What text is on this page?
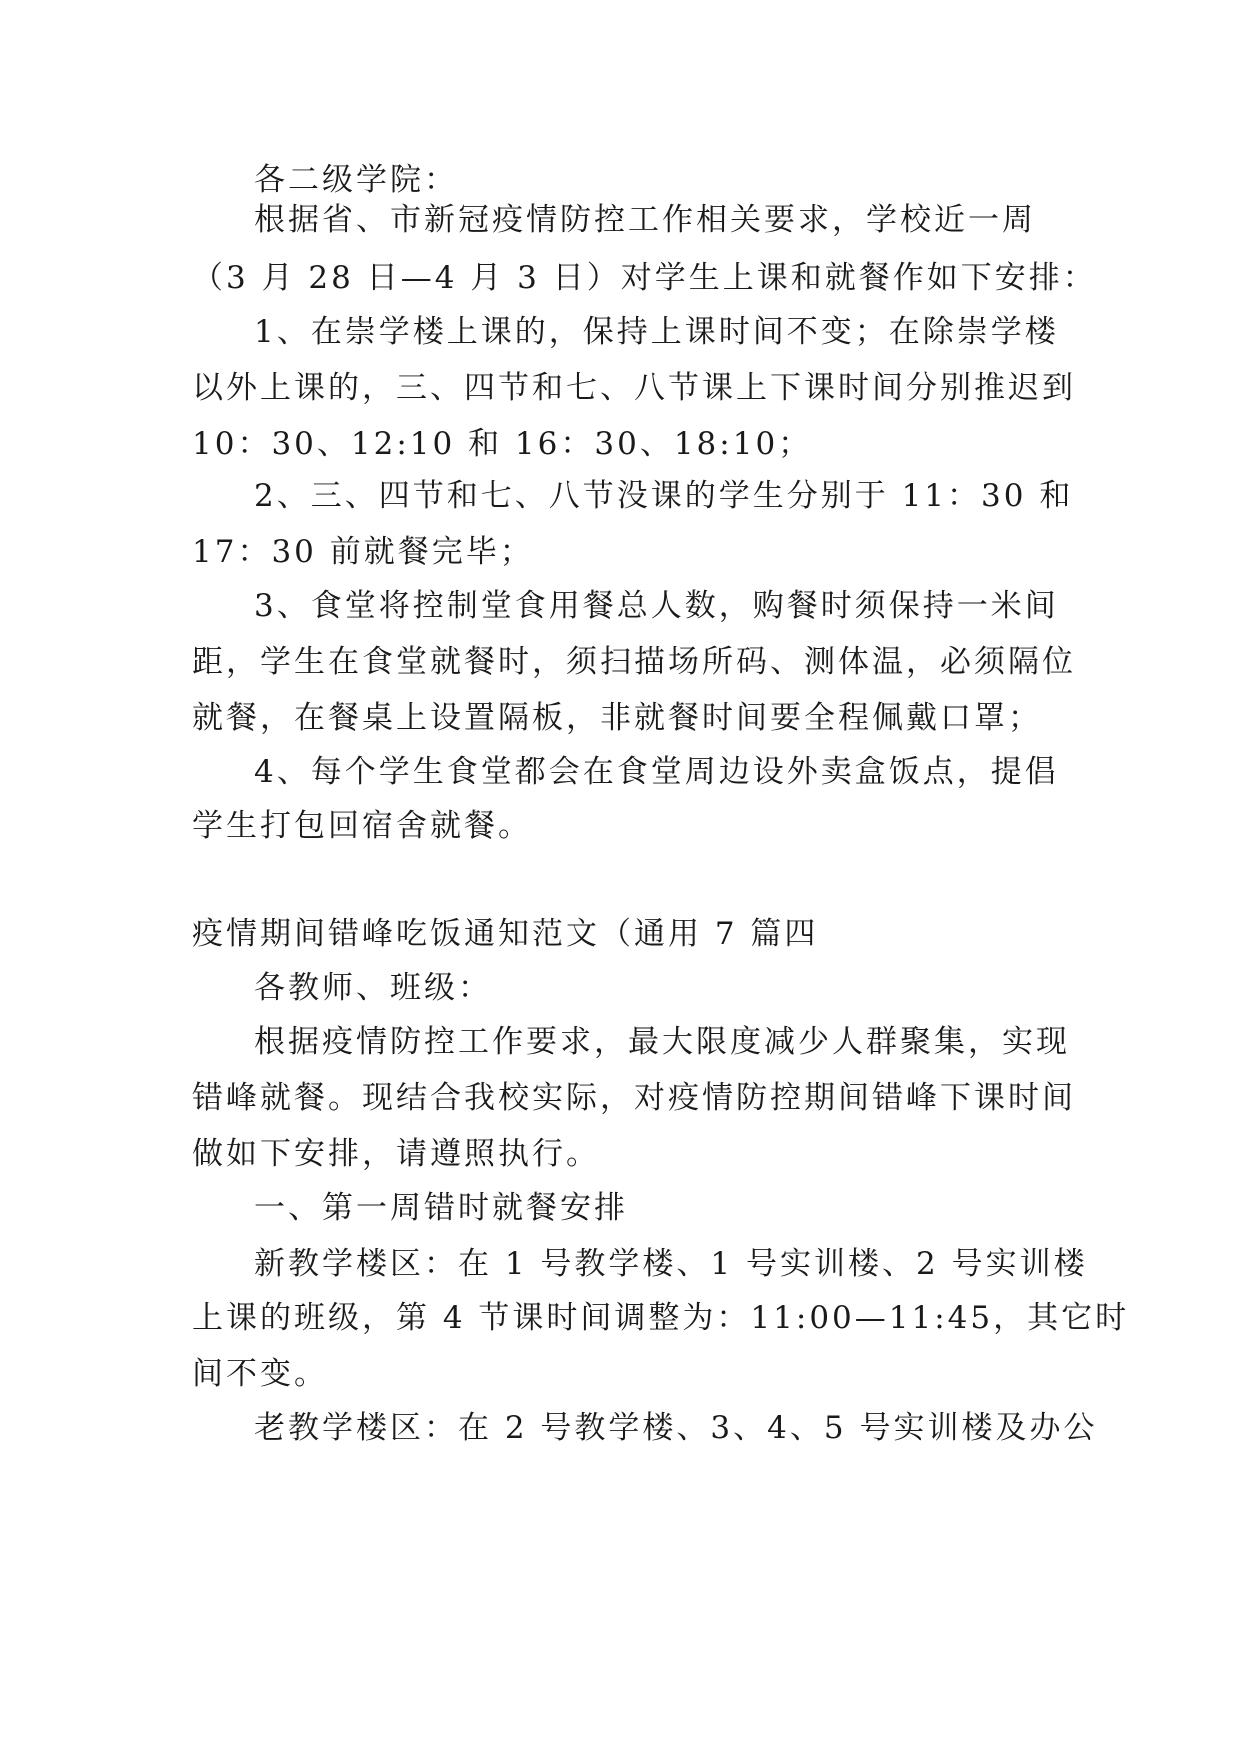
各二级学院：
根据省、市新冠疫情防控工作相关要求，学校近一周
（3 月 28 日—4 月 3 日）对学生上课和就餐作如下安排：
1、在崇学楼上课的，保持上课时间不变；在除崇学楼
以外上课的，三、四节和七、八节课上下课时间分别推迟到
10：30、12:10 和 16：30、18:10；
2、三、四节和七、八节没课的学生分别于 11：30 和
17：30 前就餐完毕；
3、食堂将控制堂食用餐总人数，购餐时须保持一米间
距，学生在食堂就餐时，须扫描场所码、测体温，必须隔位
就餐，在餐桌上设置隔板，非就餐时间要全程佩戴口罩；
4、每个学生食堂都会在食堂周边设外卖盒饭点，提倡
学生打包回宿舍就餐。
疫情期间错峰吃饭通知范文（通用 7 篇四
各教师、班级：
根据疫情防控工作要求，最大限度减少人群聚集，实现
错峰就餐。现结合我校实际，对疫情防控期间错峰下课时间
做如下安排，请遵照执行。
一、第一周错时就餐安排
新教学楼区：在 1 号教学楼、1 号实训楼、2 号实训楼
上课的班级，第 4 节课时间调整为：11:00—11:45，其它时
间不变。
老教学楼区：在 2 号教学楼、3、4、5 号实训楼及办公
